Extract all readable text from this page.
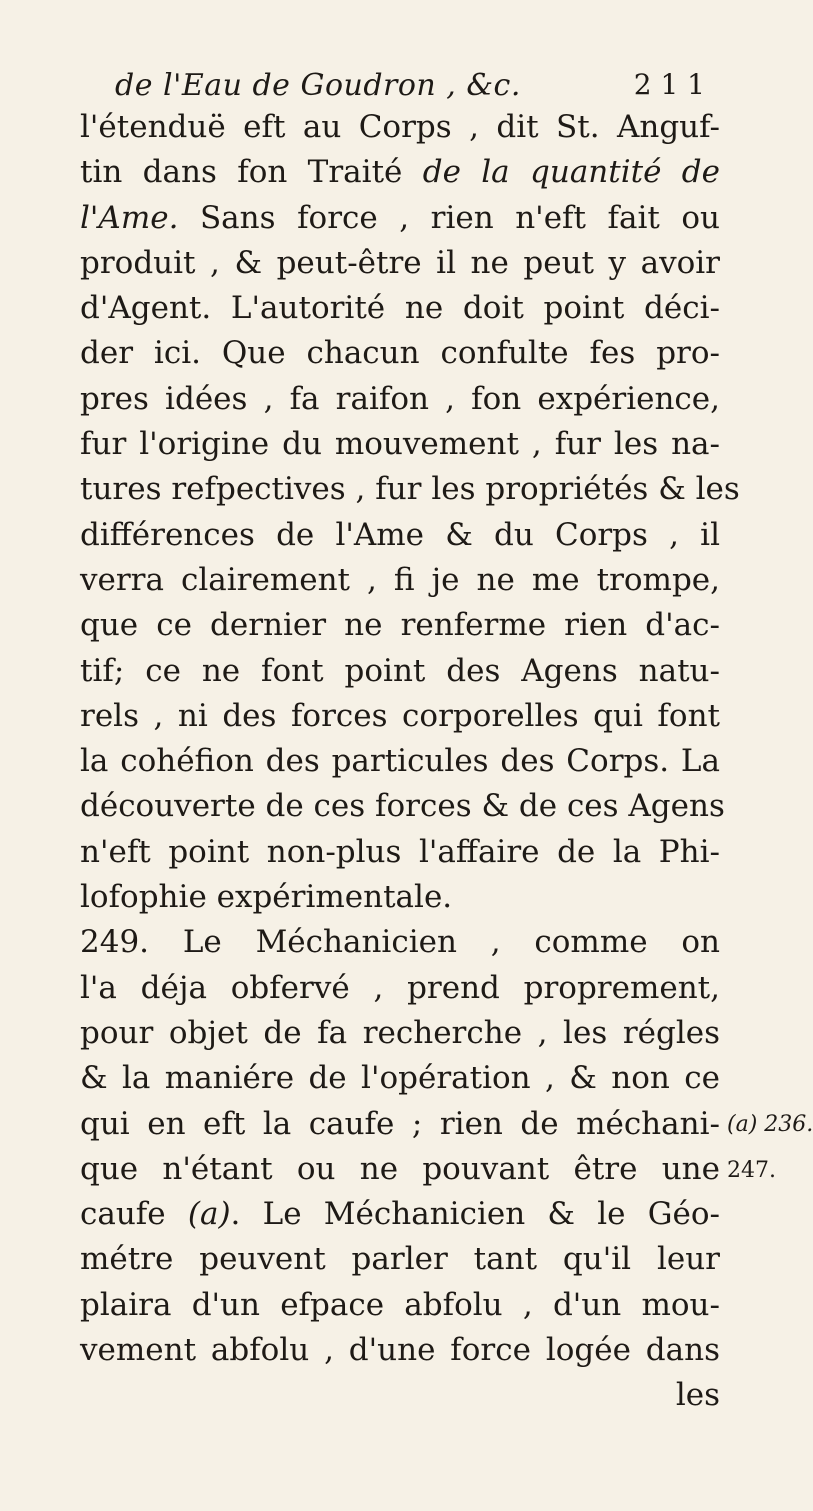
de l'Eau de Goudron , &c.	2 1 1
l'étenduë eft au Corps , dit St. Anguf-
tin dans fon Traité de la quantité de
l'Ame. Sans force , rien n'eft fait ou
produit , & peut-être il ne peut y avoir
d'Agent. L'autorité ne doit point déci-
der ici. Que chacun confulte fes pro-
pres idées , fa raifon , fon expérience,
fur l'origine du mouvement , fur les na-
tures refpectives , fur les propriétés & les
différences de l'Ame & du Corps , il
verra clairement , fi je ne me trompe,
que ce dernier ne renferme rien d'ac-
tif; ce ne font point des Agens natu-
rels , ni des forces corporelles qui font
la cohéfion des particules des Corps. La
découverte de ces forces & de ces Agens
n'eft point non-plus l'affaire de la Phi-
lofophie expérimentale.
249. Le Méchanicien , comme on
l'a déja obfervé , prend proprement,
pour objet de fa recherche , les régles
& la maniére de l'opération , & non ce
qui en eft la caufe ; rien de méchani-
que n'étant ou ne pouvant être une
caufe (a). Le Méchanicien & le Géo-
métre peuvent parler tant qu'il leur
plaira d'un efpace abfolu , d'un mou-
vement abfolu , d'une force logée dans
les
(a) 236.
247.
